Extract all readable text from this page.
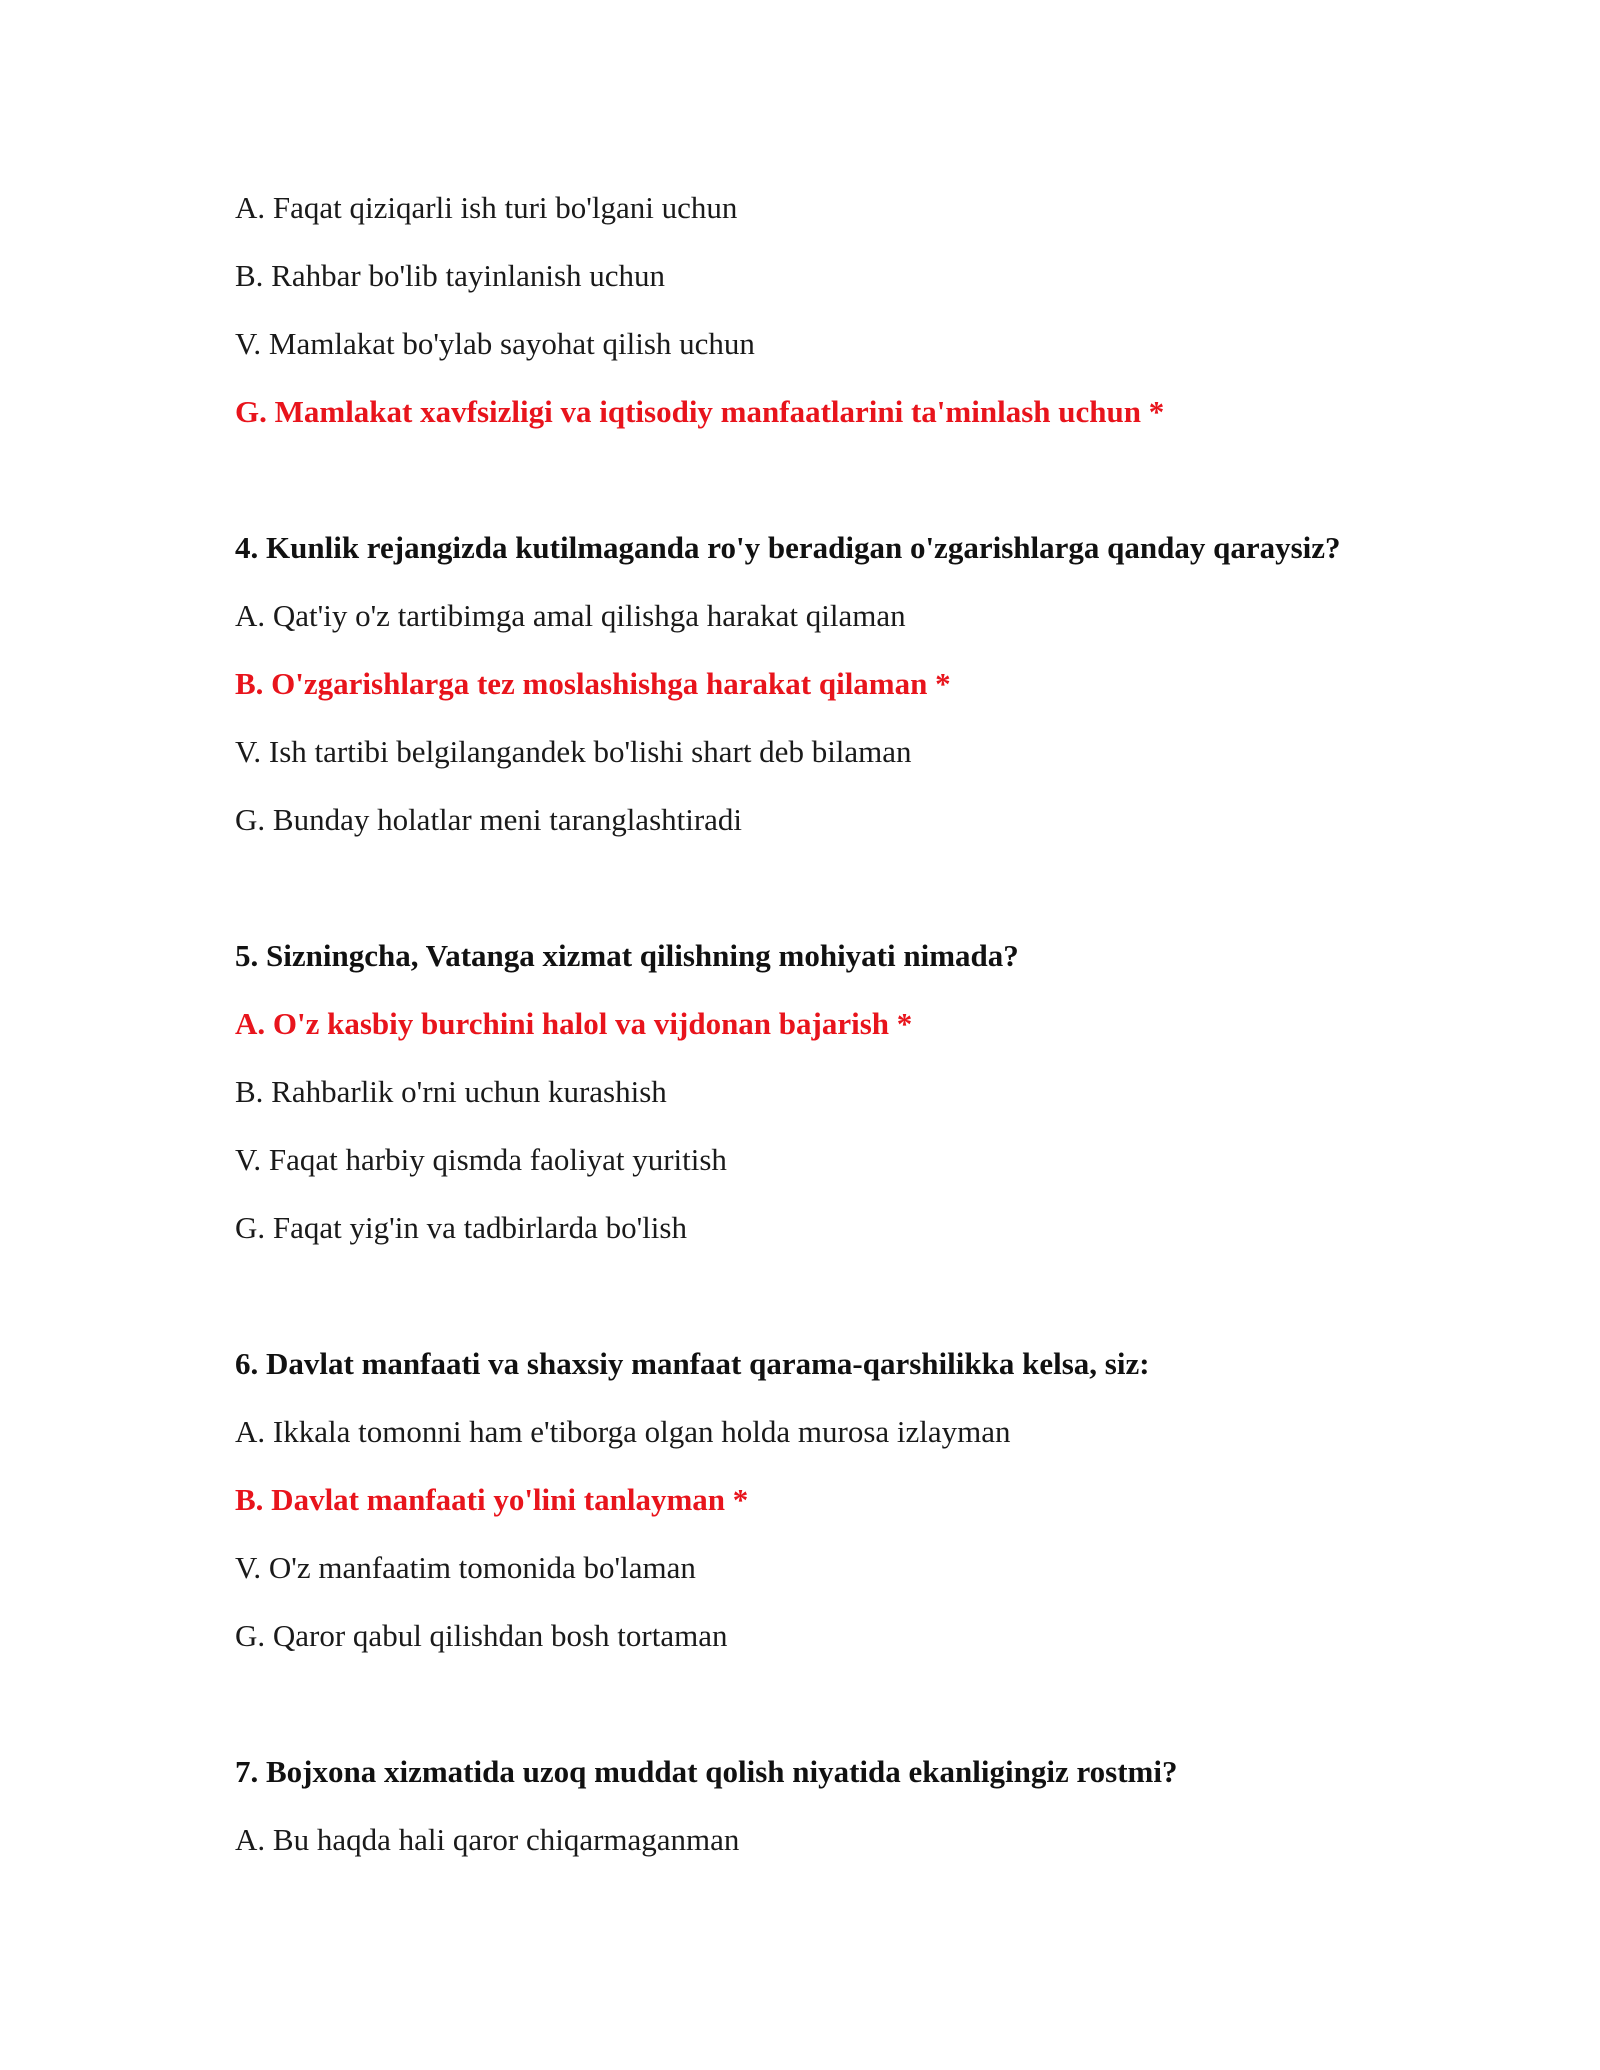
A. Faqat qiziqarli ish turi bo'lgani uchun
B. Rahbar bo'lib tayinlanish uchun
V. Mamlakat bo'ylab sayohat qilish uchun
G. Mamlakat xavfsizligi va iqtisodiy manfaatlarini ta'minlash uchun *
4. Kunlik rejangizda kutilmaganda ro'y beradigan o'zgarishlarga qanday qaraysiz?
A. Qat'iy o'z tartibimga amal qilishga harakat qilaman
B. O'zgarishlarga tez moslashishga harakat qilaman *
V. Ish tartibi belgilangandek bo'lishi shart deb bilaman
G. Bunday holatlar meni taranglashtiradi
5. Sizningcha, Vatanga xizmat qilishning mohiyati nimada?
A. O'z kasbiy burchini halol va vijdonan bajarish *
B. Rahbarlik o'rni uchun kurashish
V. Faqat harbiy qismda faoliyat yuritish
G. Faqat yig'in va tadbirlarda bo'lish
6. Davlat manfaati va shaxsiy manfaat qarama-qarshilikka kelsa, siz:
A. Ikkala tomonni ham e'tiborga olgan holda murosa izlayman
B. Davlat manfaati yo'lini tanlayman *
V. O'z manfaatim tomonida bo'laman
G. Qaror qabul qilishdan bosh tortaman
7. Bojxona xizmatida uzoq muddat qolish niyatida ekanligingiz rostmi?
A. Bu haqda hali qaror chiqarmaganman
